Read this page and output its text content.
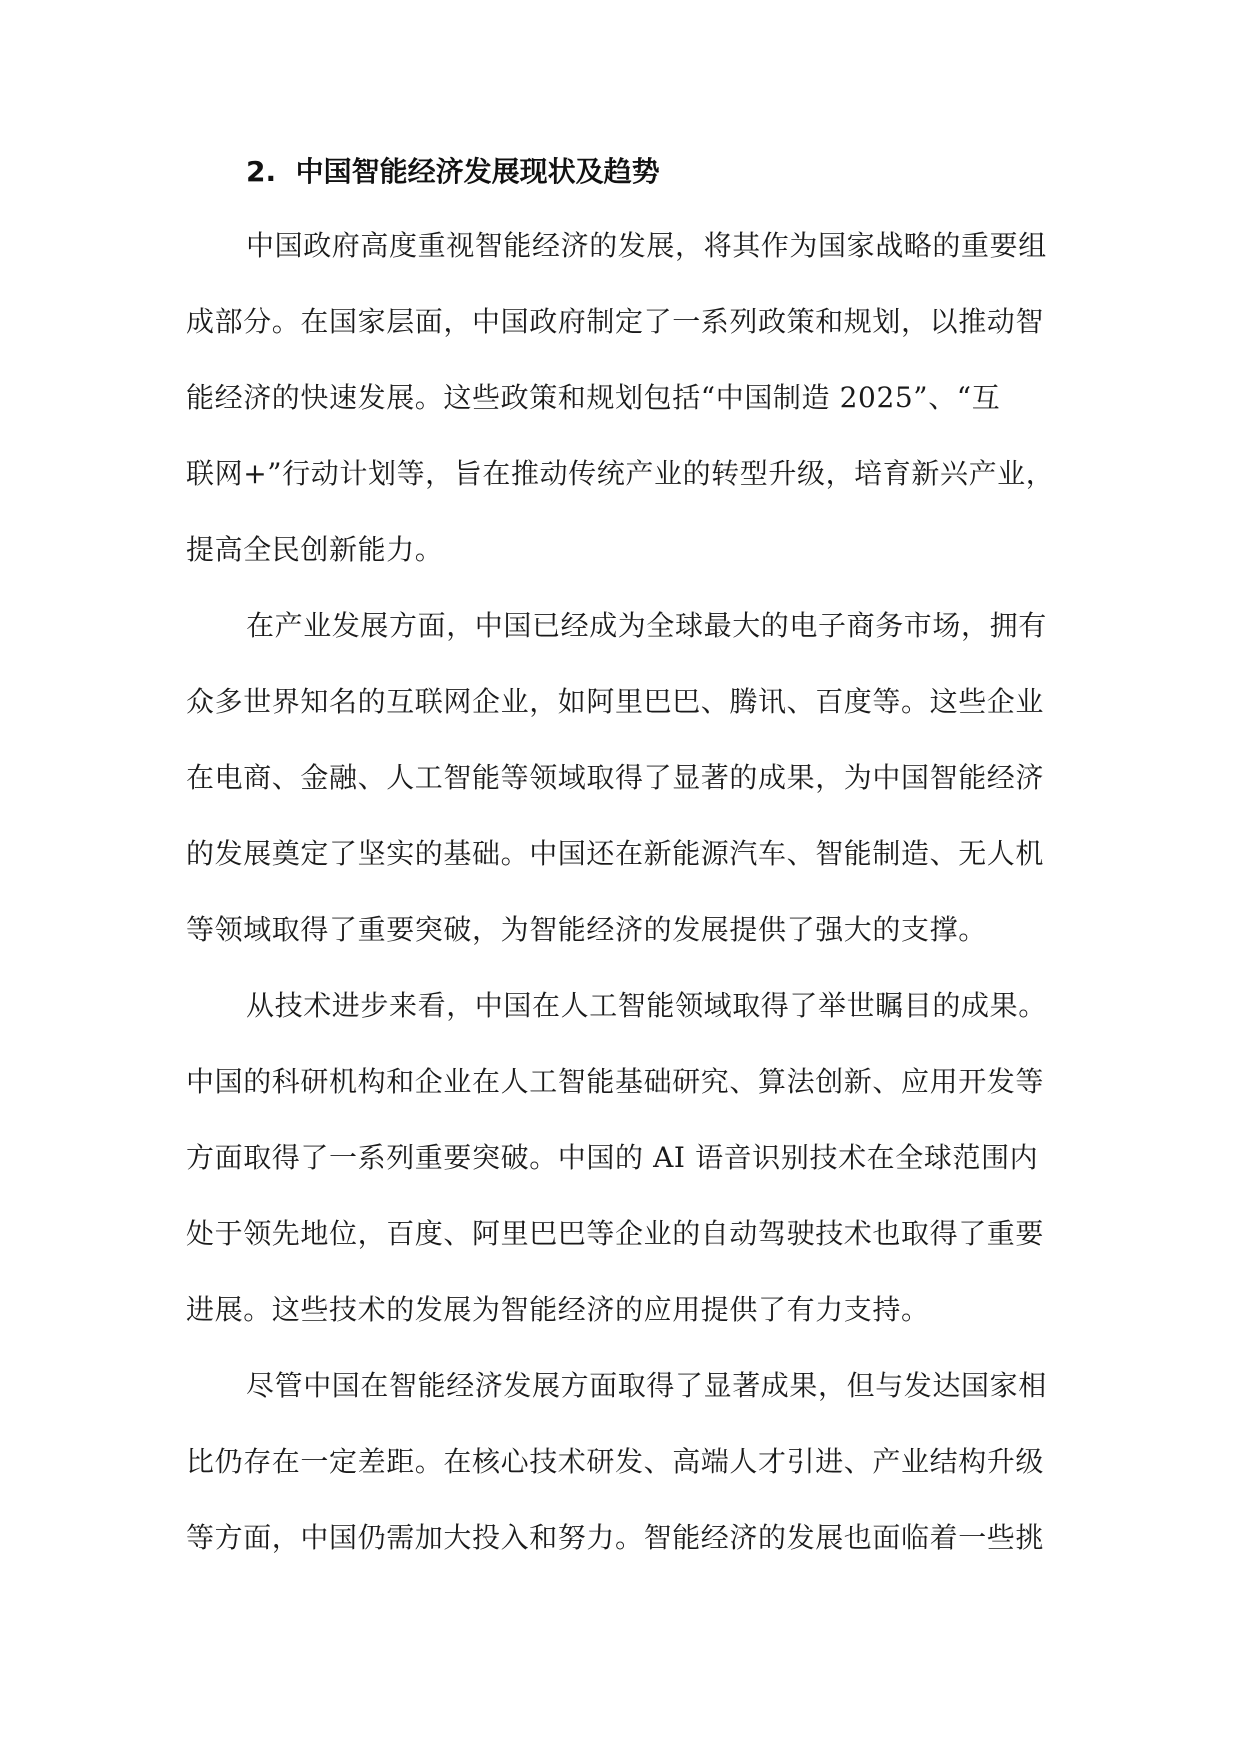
2. 中国智能经济发展现状及趋势
中国政府高度重视智能经济的发展，将其作为国家战略的重要组
成部分。在国家层面，中国政府制定了一系列政策和规划，以推动智
能经济的快速发展。这些政策和规划包括“中国制造 2025”、“互
联网+”行动计划等，旨在推动传统产业的转型升级，培育新兴产业，
提高全民创新能力。
在产业发展方面，中国已经成为全球最大的电子商务市场，拥有
众多世界知名的互联网企业，如阿里巴巴、腾讯、百度等。这些企业
在电商、金融、人工智能等领域取得了显著的成果，为中国智能经济
的发展奠定了坚实的基础。中国还在新能源汽车、智能制造、无人机
等领域取得了重要突破，为智能经济的发展提供了强大的支撑。
从技术进步来看，中国在人工智能领域取得了举世瞩目的成果。
中国的科研机构和企业在人工智能基础研究、算法创新、应用开发等
方面取得了一系列重要突破。中国的 AI 语音识别技术在全球范围内
处于领先地位，百度、阿里巴巴等企业的自动驾驶技术也取得了重要
进展。这些技术的发展为智能经济的应用提供了有力支持。
尽管中国在智能经济发展方面取得了显著成果，但与发达国家相
比仍存在一定差距。在核心技术研发、高端人才引进、产业结构升级
等方面，中国仍需加大投入和努力。智能经济的发展也面临着一些挑
